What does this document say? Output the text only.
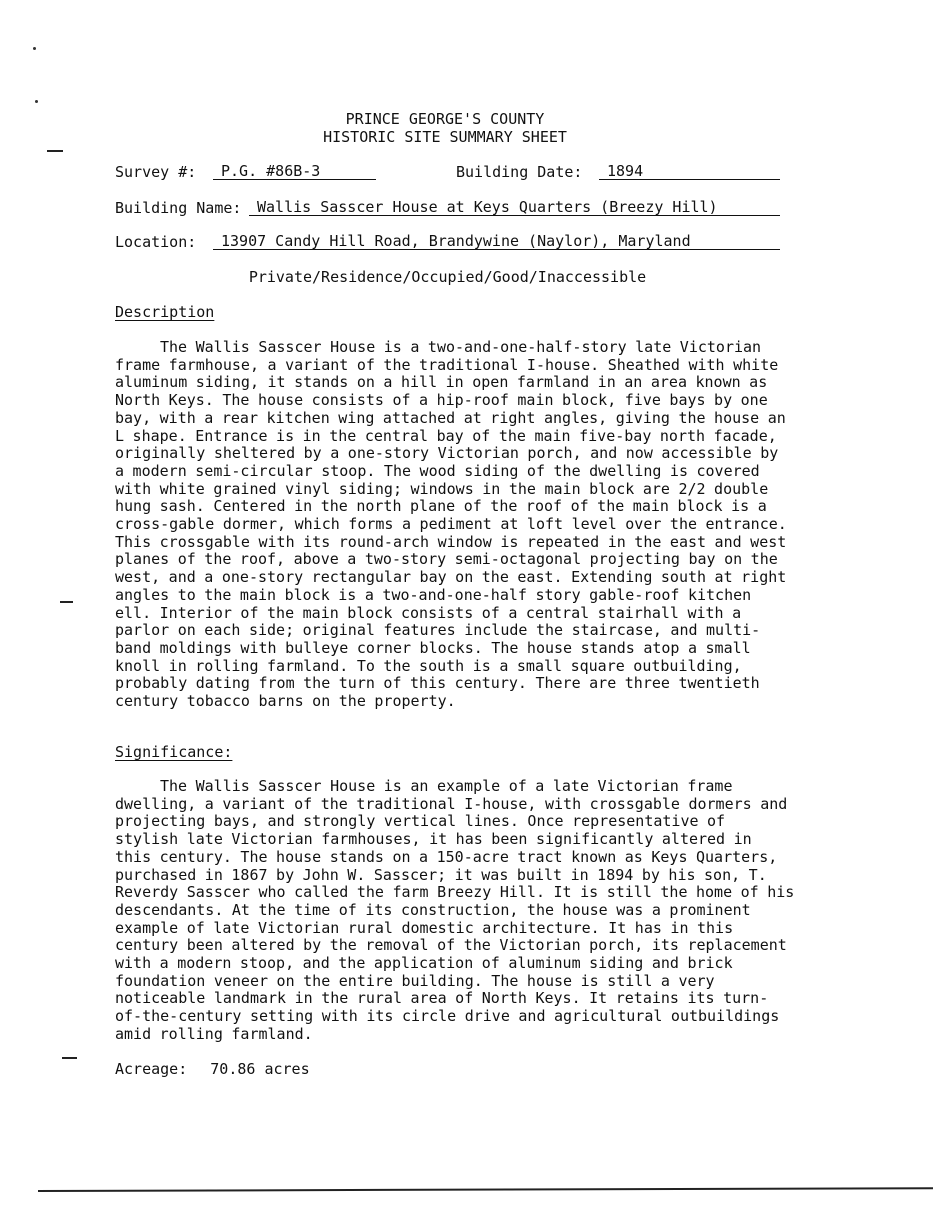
PRINCE GEORGE'S COUNTY
HISTORIC SITE SUMMARY SHEET
Survey #:	P.G. #86B-3	Building Date:	1894
Building Name:	Wallis Sasscer House at Keys Quarters (Breezy Hill)
Location:	13907 Candy Hill Road, Brandywine (Naylor), Maryland
Private/Residence/Occupied/Good/Inaccessible
Description
The Wallis Sasscer House is a two-and-one-half-story late Victorian frame farmhouse, a variant of the traditional I-house. Sheathed with white aluminum siding, it stands on a hill in open farmland in an area known as North Keys. The house consists of a hip-roof main block, five bays by one bay, with a rear kitchen wing attached at right angles, giving the house an L shape. Entrance is in the central bay of the main five-bay north facade, originally sheltered by a one-story Victorian porch, and now accessible by a modern semi-circular stoop. The wood siding of the dwelling is covered with white grained vinyl siding; windows in the main block are 2/2 double hung sash. Centered in the north plane of the roof of the main block is a cross-gable dormer, which forms a pediment at loft level over the entrance. This crossgable with its round-arch window is repeated in the east and west planes of the roof, above a two-story semi-octagonal projecting bay on the west, and a one-story rectangular bay on the east. Extending south at right angles to the main block is a two-and-one-half story gable-roof kitchen ell. Interior of the main block consists of a central stairhall with a parlor on each side; original features include the staircase, and multi-band moldings with bulleye corner blocks. The house stands atop a small knoll in rolling farmland. To the south is a small square outbuilding, probably dating from the turn of this century. There are three twentieth century tobacco barns on the property.
Significance:
The Wallis Sasscer House is an example of a late Victorian frame dwelling, a variant of the traditional I-house, with crossgable dormers and projecting bays, and strongly vertical lines. Once representative of stylish late Victorian farmhouses, it has been significantly altered in this century. The house stands on a 150-acre tract known as Keys Quarters, purchased in 1867 by John W. Sasscer; it was built in 1894 by his son, T. Reverdy Sasscer who called the farm Breezy Hill. It is still the home of his descendants. At the time of its construction, the house was a prominent example of late Victorian rural domestic architecture. It has in this century been altered by the removal of the Victorian porch, its replacement with a modern stoop, and the application of aluminum siding and brick foundation veneer on the entire building. The house is still a very noticeable landmark in the rural area of North Keys. It retains its turn-of-the-century setting with its circle drive and agricultural outbuildings amid rolling farmland.
Acreage: 70.86 acres
